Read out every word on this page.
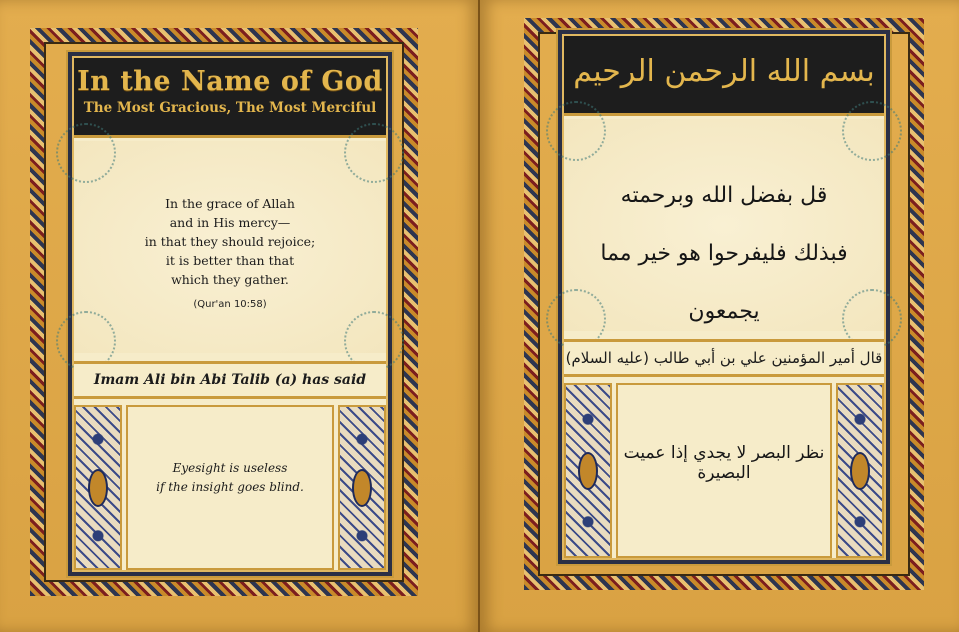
In the Name of God
The Most Gracious, The Most Merciful
In the grace of Allah
and in His mercy—
in that they should rejoice;
it is better than that
which they gather.
(Qur'an 10:58)
Imam Ali bin Abi Talib (a) has said
Eyesight is useless
if the insight goes blind.
بسم الله الرحمن الرحيم
قل بفضل الله وبرحمته
فبذلك فليفرحوا هو خير مما يجمعون
قال أمير المؤمنين علي بن أبي طالب (عليه السلام)
نظر البصر لا يجدي إذا عميت البصيرة
